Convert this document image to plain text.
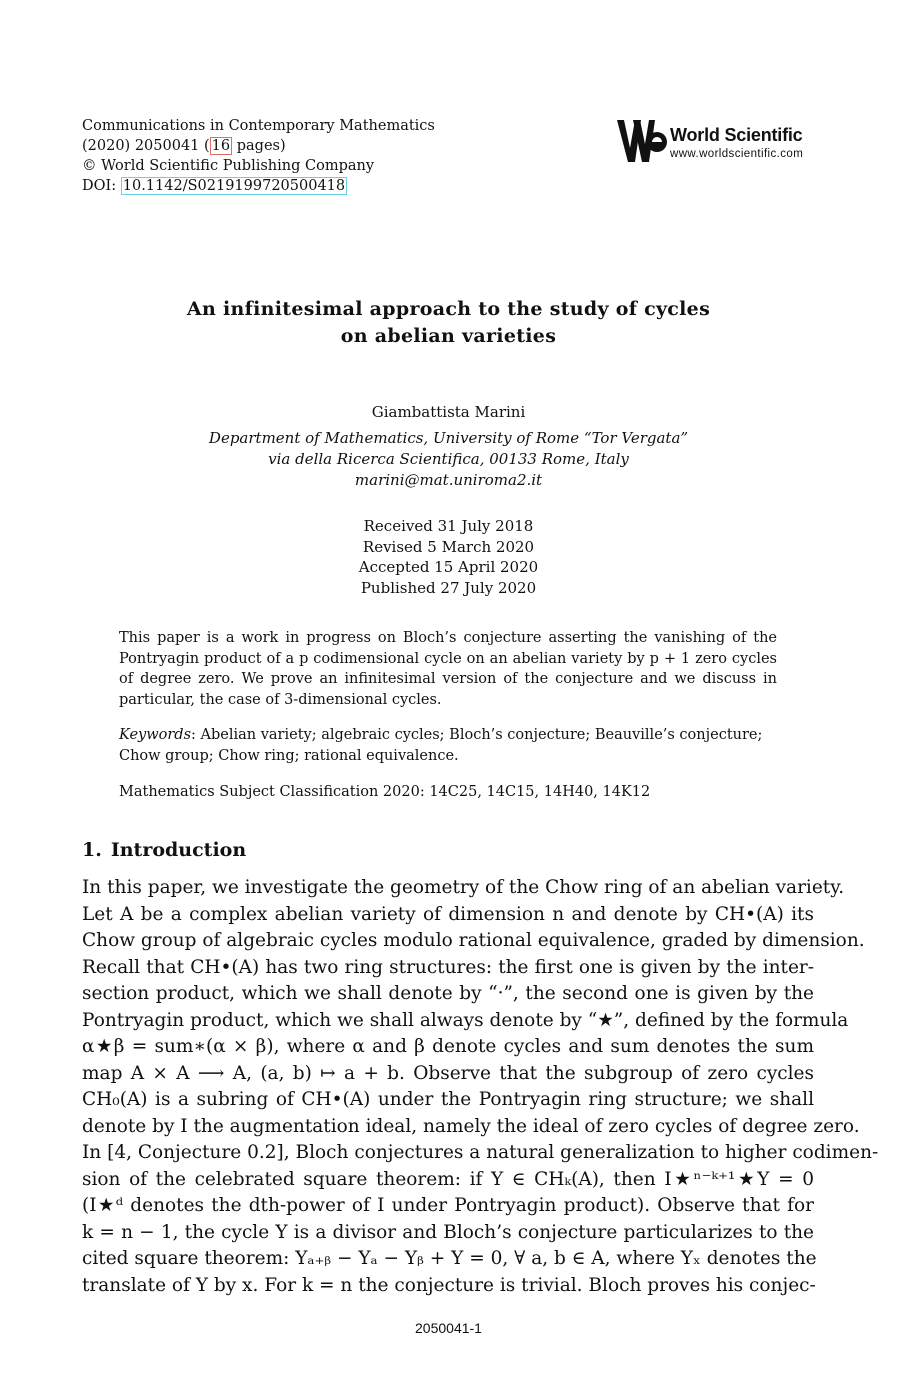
Communications in Contemporary Mathematics
(2020) 2050041 ( 16 pages)
© World Scientific Publishing Company
DOI: 10.1142/S0219199720500418
World Scientific
www.worldscientific.com
An infinitesimal approach to the study of cycles
on abelian varieties
Giambattista Marini
Department of Mathematics, University of Rome “Tor Vergata”
via della Ricerca Scientifica, 00133 Rome, Italy
marini@mat.uniroma2.it
Received 31 July 2018
Revised 5 March 2020
Accepted 15 April 2020
Published 27 July 2020
This paper is a work in progress on Bloch’s conjecture asserting the vanishing of the Pontryagin product of a p codimensional cycle on an abelian variety by p + 1 zero cycles of degree zero. We prove an infinitesimal version of the conjecture and we discuss in particular, the case of 3-dimensional cycles.
Keywords: Abelian variety; algebraic cycles; Bloch’s conjecture; Beauville’s conjecture; Chow group; Chow ring; rational equivalence.
Mathematics Subject Classification 2020: 14C25, 14C15, 14H40, 14K12
1. Introduction
In this paper, we investigate the geometry of the Chow ring of an abelian variety.
Let A be a complex abelian variety of dimension n and denote by CH•(A) its
Chow group of algebraic cycles modulo rational equivalence, graded by dimension.
Recall that CH•(A) has two ring structures: the first one is given by the inter-
section product, which we shall denote by “·”, the second one is given by the
Pontryagin product, which we shall always denote by “★”, defined by the formula
α★β = sum∗(α × β), where α and β denote cycles and sum denotes the sum
map A × A ⟶ A, (a, b) ↦ a + b. Observe that the subgroup of zero cycles
CH₀(A) is a subring of CH•(A) under the Pontryagin ring structure; we shall
denote by I the augmentation ideal, namely the ideal of zero cycles of degree zero.
In [4, Conjecture 0.2], Bloch conjectures a natural generalization to higher codimen-
sion of the celebrated square theorem: if Y ∈ CHₖ(A), then I★ⁿ⁻ᵏ⁺¹★Y = 0
(I★ᵈ denotes the dth-power of I under Pontryagin product). Observe that for
k = n − 1, the cycle Y is a divisor and Bloch’s conjecture particularizes to the
cited square theorem: Yₐ₊ᵦ − Yₐ − Yᵦ + Y = 0, ∀ a, b ∈ A, where Yₓ denotes the
translate of Y by x. For k = n the conjecture is trivial. Bloch proves his conjec-
2050041-1
